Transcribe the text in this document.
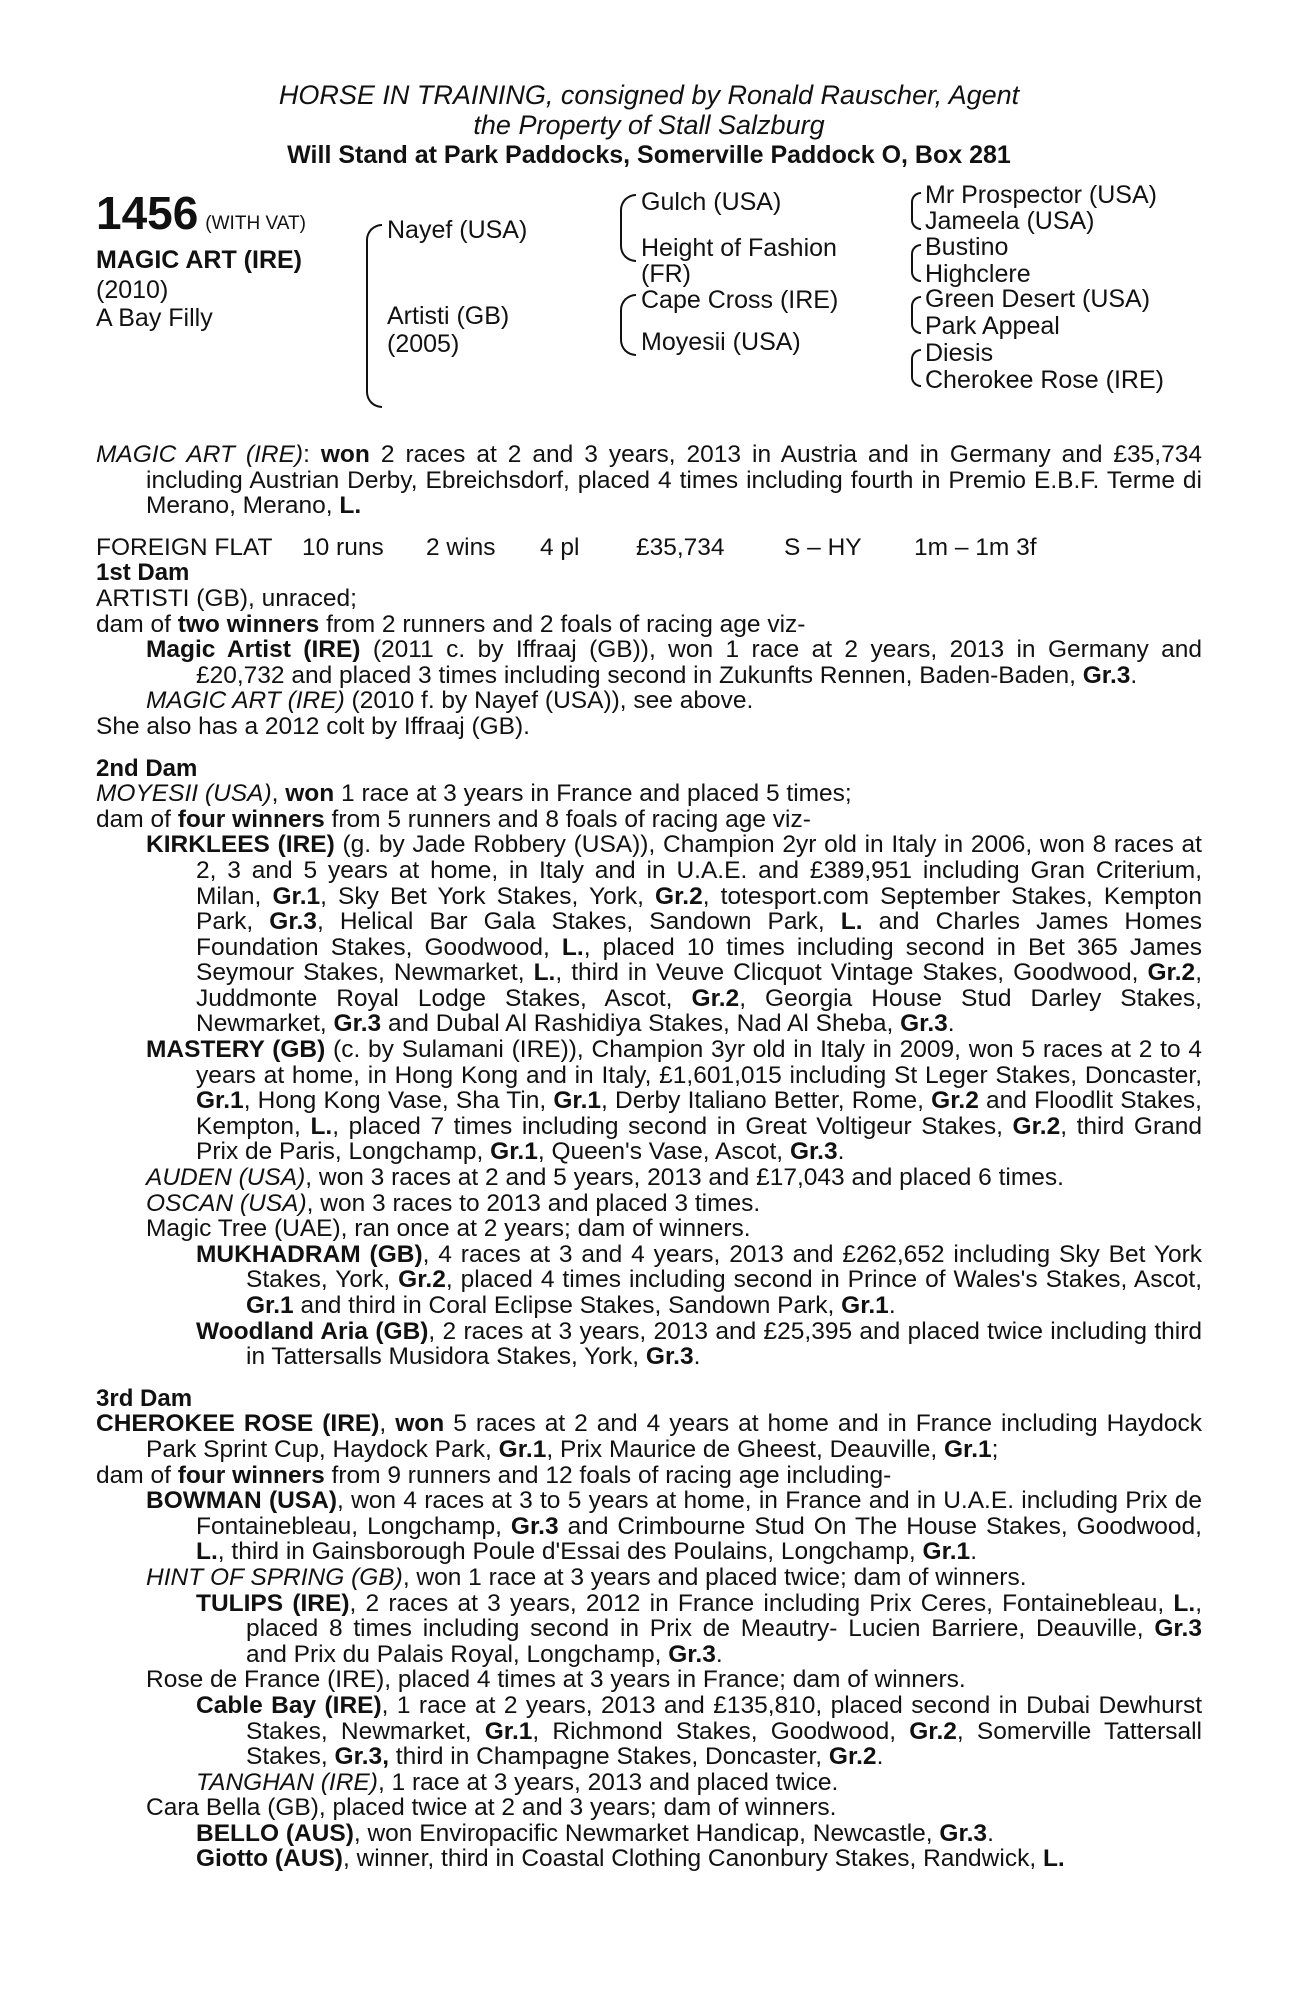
HORSE IN TRAINING, consigned by Ronald Rauscher, Agent

the Property of Stall Salzburg

Will Stand at Park Paddocks, Somerville Paddock O, Box 281

1456 (WITH VAT)
MAGIC ART (IRE)
(2010)
A Bay Filly
Nayef (USA)
Artisti (GB)
(2005)
Gulch (USA)
Height of Fashion
(FR)
Cape Cross (IRE)
Moyesii (USA)
Mr Prospector (USA)
Jameela (USA)
Bustino
Highclere
Green Desert (USA)
Park Appeal
Diesis
Cherokee Rose (IRE)

MAGIC ART (IRE): won 2 races at 2 and 3 years, 2013 in Austria and in Germany and £35,734 including Austrian Derby, Ebreichsdorf, placed 4 times including fourth in Premio E.B.F. Terme di Merano, Merano, L.

FOREIGN FLAT	10 runs	2 wins	4 pl	£35,734	S – HY	1m – 1m 3f

1st Dam

ARTISTI (GB), unraced;

dam of two winners from 2 runners and 2 foals of racing age viz-

Magic Artist (IRE) (2011 c. by Iffraaj (GB)), won 1 race at 2 years, 2013 in Germany and £20,732 and placed 3 times including second in Zukunfts Rennen, Baden-Baden, Gr.3.

MAGIC ART (IRE) (2010 f. by Nayef (USA)), see above.

She also has a 2012 colt by Iffraaj (GB).

2nd Dam

MOYESII (USA), won 1 race at 3 years in France and placed 5 times;

dam of four winners from 5 runners and 8 foals of racing age viz-

KIRKLEES (IRE) (g. by Jade Robbery (USA)), Champion 2yr old in Italy in 2006, won 8 races at 2, 3 and 5 years at home, in Italy and in U.A.E. and £389,951 including Gran Criterium, Milan, Gr.1, Sky Bet York Stakes, York, Gr.2, totesport.com September Stakes, Kempton Park, Gr.3, Helical Bar Gala Stakes, Sandown Park, L. and Charles James Homes Foundation Stakes, Goodwood, L., placed 10 times including second in Bet 365 James Seymour Stakes, Newmarket, L., third in Veuve Clicquot Vintage Stakes, Goodwood, Gr.2, Juddmonte Royal Lodge Stakes, Ascot, Gr.2, Georgia House Stud Darley Stakes, Newmarket, Gr.3 and Dubal Al Rashidiya Stakes, Nad Al Sheba, Gr.3.

MASTERY (GB) (c. by Sulamani (IRE)), Champion 3yr old in Italy in 2009, won 5 races at 2 to 4 years at home, in Hong Kong and in Italy, £1,601,015 including St Leger Stakes, Doncaster, Gr.1, Hong Kong Vase, Sha Tin, Gr.1, Derby Italiano Better, Rome, Gr.2 and Floodlit Stakes, Kempton, L., placed 7 times including second in Great Voltigeur Stakes, Gr.2, third Grand Prix de Paris, Longchamp, Gr.1, Queen's Vase, Ascot, Gr.3.

AUDEN (USA), won 3 races at 2 and 5 years, 2013 and £17,043 and placed 6 times.

OSCAN (USA), won 3 races to 2013 and placed 3 times.

Magic Tree (UAE), ran once at 2 years; dam of winners.

MUKHADRAM (GB), 4 races at 3 and 4 years, 2013 and £262,652 including Sky Bet York Stakes, York, Gr.2, placed 4 times including second in Prince of Wales's Stakes, Ascot, Gr.1 and third in Coral Eclipse Stakes, Sandown Park, Gr.1.

Woodland Aria (GB), 2 races at 3 years, 2013 and £25,395 and placed twice including third in Tattersalls Musidora Stakes, York, Gr.3.

3rd Dam

CHEROKEE ROSE (IRE), won 5 races at 2 and 4 years at home and in France including Haydock Park Sprint Cup, Haydock Park, Gr.1, Prix Maurice de Gheest, Deauville, Gr.1;

dam of four winners from 9 runners and 12 foals of racing age including-

BOWMAN (USA), won 4 races at 3 to 5 years at home, in France and in U.A.E. including Prix de Fontainebleau, Longchamp, Gr.3 and Crimbourne Stud On The House Stakes, Goodwood, L., third in Gainsborough Poule d'Essai des Poulains, Longchamp, Gr.1.

HINT OF SPRING (GB), won 1 race at 3 years and placed twice; dam of winners.

TULIPS (IRE), 2 races at 3 years, 2012 in France including Prix Ceres, Fontainebleau, L., placed 8 times including second in Prix de Meautry- Lucien Barriere, Deauville, Gr.3 and Prix du Palais Royal, Longchamp, Gr.3.

Rose de France (IRE), placed 4 times at 3 years in France; dam of winners.

Cable Bay (IRE), 1 race at 2 years, 2013 and £135,810, placed second in Dubai Dewhurst Stakes, Newmarket, Gr.1, Richmond Stakes, Goodwood, Gr.2, Somerville Tattersall Stakes, Gr.3, third in Champagne Stakes, Doncaster, Gr.2.

TANGHAN (IRE), 1 race at 3 years, 2013 and placed twice.

Cara Bella (GB), placed twice at 2 and 3 years; dam of winners.

BELLO (AUS), won Enviropacific Newmarket Handicap, Newcastle, Gr.3.

Giotto (AUS), winner, third in Coastal Clothing Canonbury Stakes, Randwick, L.
